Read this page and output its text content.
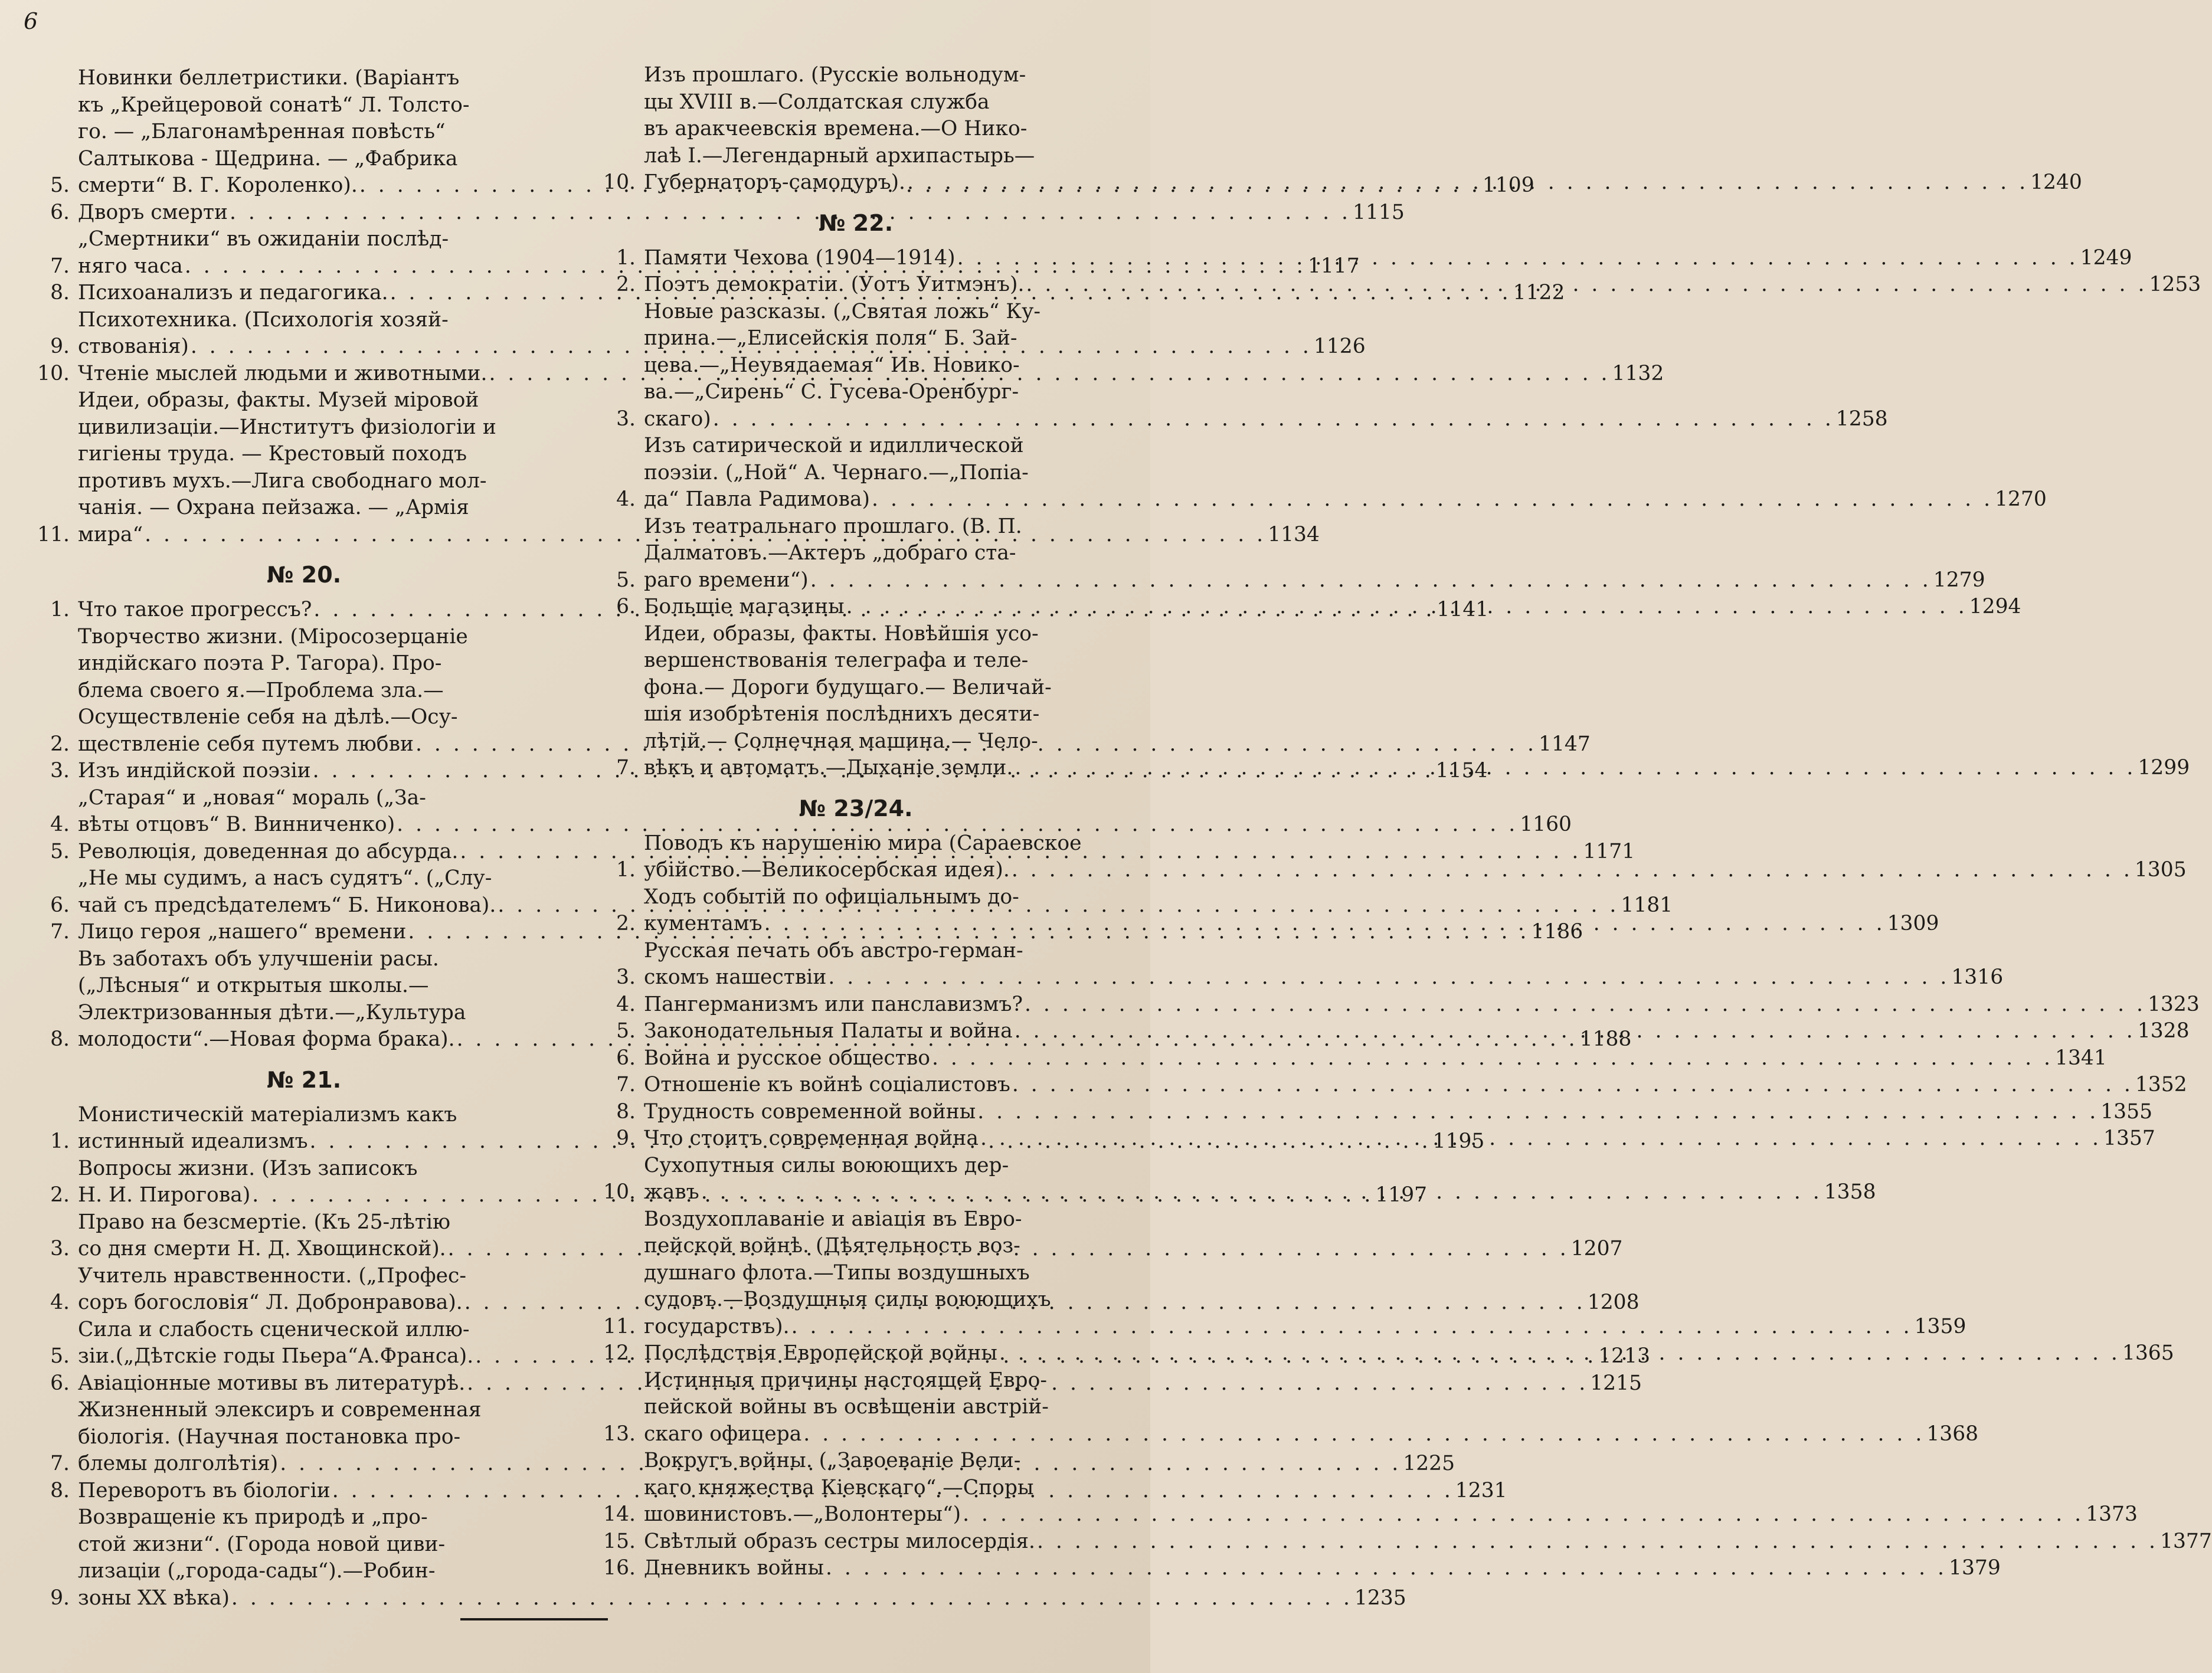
6
5.
Новинки беллетристики. (Варіантъ
къ „Крейцеровой сонатѣ“ Л. Толсто-
го. — „Благонамѣренная повѣсть“
Салтыкова - Щедрина. — „Фабрика
смерти“ В. Г. Короленко). . . .	1109
6. Дворъ смерти . . .	1115
7.
„Смертники“ въ ожиданіи послѣд-
няго часа . . .	1117
8. Психоанализъ и педагогика. . . .	1122
9.
Психотехника. (Психологія хозяй-
ствованія) . . .	1126
10. Чтеніе мыслей людьми и животными. . . .	1132
11.
Идеи, образы, факты. Музей міровой
цивилизаціи.—Институтъ физіологіи и
гигіены труда. — Крестовый походъ
противъ мухъ.—Лига свободнаго мол-
чанія. — Охрана пейзажа. — „Армія
мира“ . . .	1134
№ 20.
1. Что такое прогрессъ? . . .	1141
2.
Творчество жизни. (Міросозерцаніе
индійскаго поэта Р. Тагора). Про-
блема своего я.—Проблема зла.—
Осуществленіе себя на дѣлѣ.—Осу-
ществленіе себя путемъ любви . . .	1147
3. Изъ индійской поэзіи . . .	1154
4.
„Старая“ и „новая“ мораль („За-
вѣты отцовъ“ В. Винниченко) . . .	1160
5. Революція, доведенная до абсурда. . . .	1171
6.
„Не мы судимъ, а насъ судятъ“. („Слу-
чай съ предсѣдателемъ“ Б. Никонова). . . .	1181
7. Лицо героя „нашего“ времени . . .	1186
8.
Въ заботахъ объ улучшеніи расы.
(„Лѣсныя“ и открытыя школы.—
Электризованныя дѣти.—„Культура
молодости“.—Новая форма брака). . . .	1188
№ 21.
1.
Монистическій матеріализмъ какъ
истинный идеализмъ . . .	1195
2.
Вопросы жизни. (Изъ записокъ
Н. И. Пирогова) . . .	1197
3.
Право на безсмертіе. (Къ 25-лѣтію
со дня смерти Н. Д. Хвощинской). . . .	1207
4.
Учитель нравственности. („Профес-
соръ богословія“ Л. Добронравова). . . .	1208
5.
Сила и слабость сценической иллю-
зіи.(„Дѣтскіе годы Пьера“А.Франса). . . .	1213
6. Авіаціонные мотивы въ литературѣ. . . .	1215
7.
Жизненный элексиръ и современная
біологія. (Научная постановка про-
блемы долголѣтія) . . .	1225
8. Переворотъ въ біологіи . . .	1231
9.
Возвращеніе къ природѣ и „про-
стой жизни“. (Города новой циви-
лизаціи („города-сады“).—Робин-
зоны XX вѣка) . . .	1235
10.
Изъ прошлаго. (Русскіе вольнодум-
цы XVIII в.—Солдатская служба
въ аракчеевскія времена.—О Нико-
лаѣ I.—Легендарный архипастырь—
Губернаторъ-самодуръ). . . .	1240
№ 22.
1. Памяти Чехова (1904—1914) . . .	1249
2. Поэтъ демократіи. (Уотъ Уитмэнъ). . . .	1253
3.
Новые разсказы. („Святая ложь“ Ку-
прина.—„Елисейскія поля“ Б. Зай-
цева.—„Неувядаемая“ Ив. Новико-
ва.—„Сирень“ С. Гусева-Оренбург-
скаго) . . .	1258
4.
Изъ сатирической и идиллической
поэзіи. („Ной“ А. Чернаго.—„Попіа-
да“ Павла Радимова) . . .	1270
5.
Изъ театральнаго прошлаго. (В. П.
Далматовъ.—Актеръ „добраго ста-
раго времени“) . . .	1279
6. Большіе магазины . . .	1294
7.
Идеи, образы, факты. Новѣйшія усо-
вершенствованія телеграфа и теле-
фона.— Дороги будущаго.— Величай-
шія изобрѣтенія послѣднихъ десяти-
лѣтій.— Солнечная машина.— Чело-
вѣкъ и автоматъ.—Дыханіе земли. . . .	1299
№ 23/24.
1.
Поводъ къ нарушенію мира (Сараевское
убійство.—Великосербская идея). . . .	1305
2.
Ходъ событій по офиціальнымъ до-
кументамъ . . .	1309
3.
Русская печать объ австро-герман-
скомъ нашествіи . . .	1316
4. Пангерманизмъ или панславизмъ? . . .	1323
5. Законодательныя Палаты и война . . .	1328
6. Война и русское общество . . .	1341
7. Отношеніе къ войнѣ соціалистовъ . . .	1352
8. Трудность современной войны . . .	1355
9. Что стоитъ современная война . . .	1357
10.
Сухопутныя силы воюющихъ дер-
жавъ . . .	1358
11.
Воздухоплаваніе и авіація въ Евро-
пейской войнѣ. (Дѣятельность воз-
душнаго флота.—Типы воздушныхъ
судовъ.—Воздушныя силы воюющихъ
государствъ). . . .	1359
12. Послѣдствія Европейской войны . . .	1365
13.
Истинныя причины настоящей Евро-
пейской войны въ освѣщеніи австрій-
скаго офицера . . .	1368
14.
Вокругъ войны. („Завоеваніе Вели-
каго княжества Кіевскаго“.—Споры
шовинистовъ.—„Волонтеры“) . . .	1373
15. Свѣтлый образъ сестры милосердія. . . .	1377
16. Дневникъ войны . . .	1379
